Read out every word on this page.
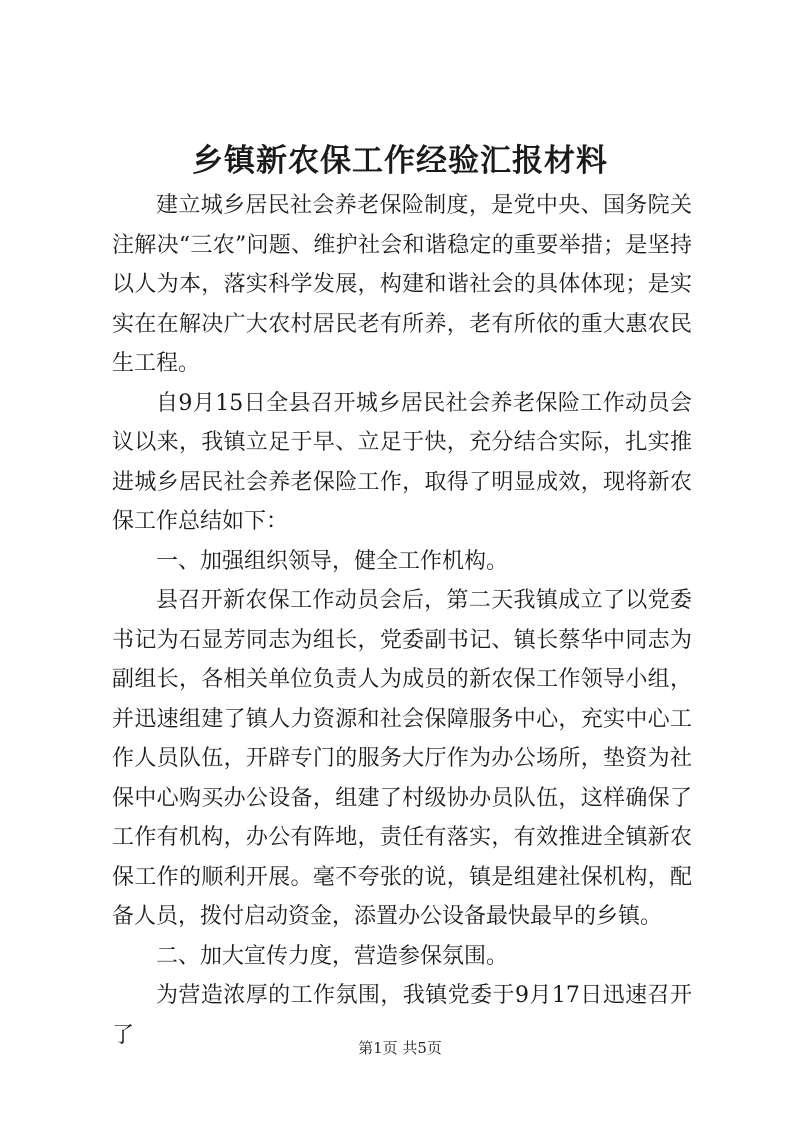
乡镇新农保工作经验汇报材料

建立城乡居民社会养老保险制度，是党中央、国务院关注解决“三农”问题、维护社会和谐稳定的重要举措；是坚持以人为本，落实科学发展，构建和谐社会的具体体现；是实实在在解决广大农村居民老有所养，老有所依的重大惠农民生工程。

自9月15日全县召开城乡居民社会养老保险工作动员会议以来，我镇立足于早、立足于快，充分结合实际，扎实推进城乡居民社会养老保险工作，取得了明显成效，现将新农保工作总结如下：

一、加强组织领导，健全工作机构。

县召开新农保工作动员会后，第二天我镇成立了以党委书记为石显芳同志为组长，党委副书记、镇长蔡华中同志为副组长，各相关单位负责人为成员的新农保工作领导小组，并迅速组建了镇人力资源和社会保障服务中心，充实中心工作人员队伍，开辟专门的服务大厅作为办公场所，垫资为社保中心购买办公设备，组建了村级协办员队伍，这样确保了工作有机构，办公有阵地，责任有落实，有效推进全镇新农保工作的顺利开展。毫不夸张的说，镇是组建社保机构，配备人员，拨付启动资金，添置办公设备最快最早的乡镇。

二、加大宣传力度，营造参保氛围。

为营造浓厚的工作氛围，我镇党委于9月17日迅速召开了

第1页 共5页
